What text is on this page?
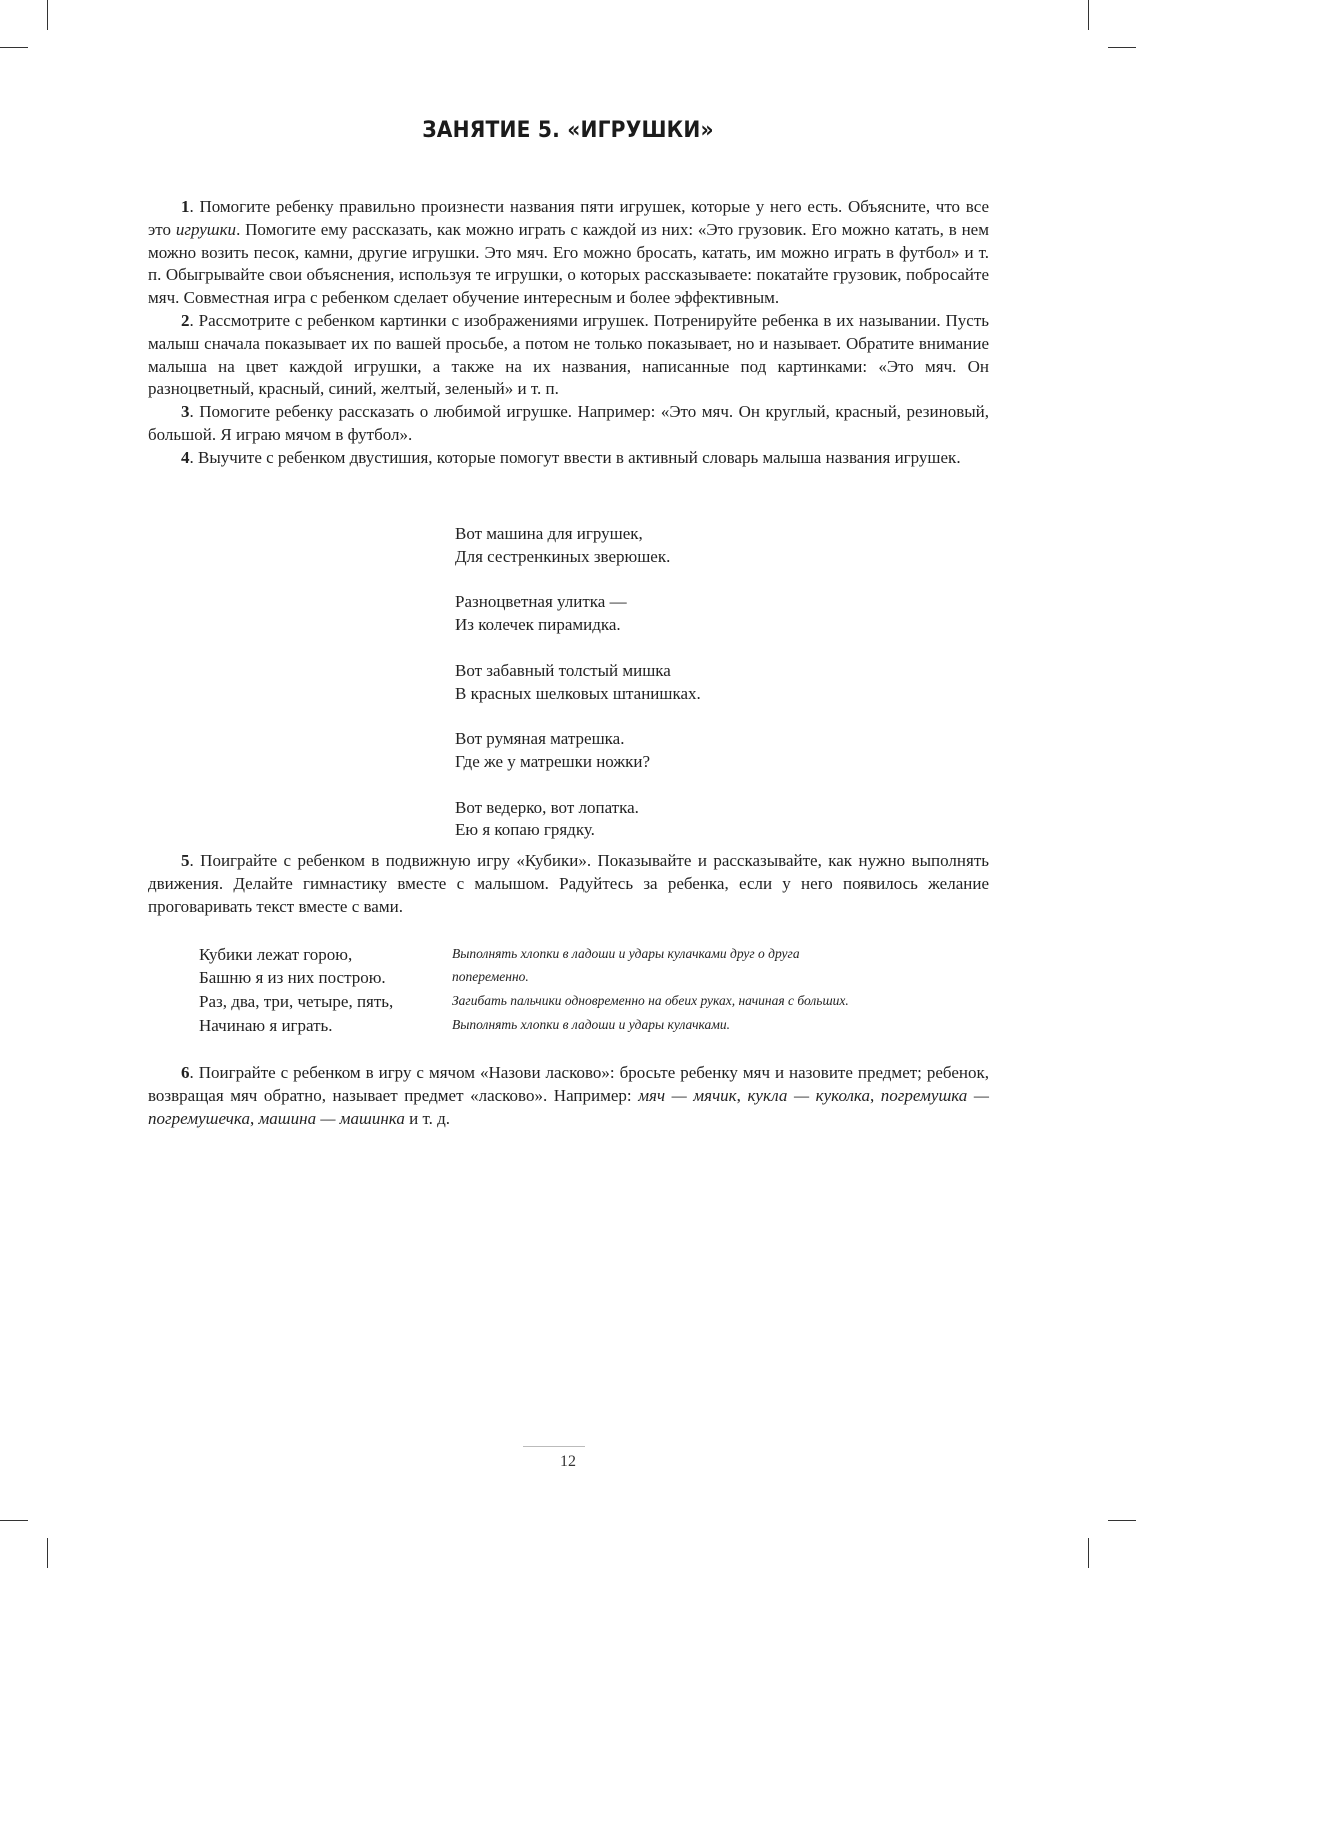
ЗАНЯТИЕ 5. «ИГРУШКИ»

1. Помогите ребенку правильно произнести названия пяти игрушек, которые у него есть. Объясните, что все это игрушки. Помогите ему рассказать, как можно играть с каждой из них: «Это грузовик. Его можно катать, в нем можно возить песок, камни, другие игрушки. Это мяч. Его можно бросать, катать, им можно играть в футбол» и т. п. Обыгрывайте свои объяснения, используя те игрушки, о которых рассказываете: покатайте грузовик, побросайте мяч. Совместная игра с ребенком сделает обучение интересным и более эффективным.

2. Рассмотрите с ребенком картинки с изображениями игрушек. Потренируйте ребенка в их назывании. Пусть малыш сначала показывает их по вашей просьбе, а потом не только показывает, но и называет. Обратите внимание малыша на цвет каждой игрушки, а также на их названия, написанные под картинками: «Это мяч. Он разноцветный, красный, синий, желтый, зеленый» и т. п.

3. Помогите ребенку рассказать о любимой игрушке. Например: «Это мяч. Он круглый, красный, резиновый, большой. Я играю мячом в футбол».

4. Выучите с ребенком двустишия, которые помогут ввести в активный словарь малыша названия игрушек.

Вот машина для игрушек,
Для сестренкиных зверюшек.
Разноцветная улитка —
Из колечек пирамидка.
Вот забавный толстый мишка
В красных шелковых штанишках.
Вот румяная матрешка.
Где же у матрешки ножки?
Вот ведерко, вот лопатка.
Ею я копаю грядку.

5. Поиграйте с ребенком в подвижную игру «Кубики». Показывайте и рассказывайте, как нужно выполнять движения. Делайте гимнастику вместе с малышом. Радуйтесь за ребенка, если у него появилось желание проговаривать текст вместе с вами.

Кубики лежат горою,	Выполнять хлопки в ладоши и удары кулачками друг о друга
Башню я из них построю.	попеременно.
Раз, два, три, четыре, пять,	Загибать пальчики одновременно на обеих руках, начиная с больших.
Начинаю я играть.	Выполнять хлопки в ладоши и удары кулачками.

6. Поиграйте с ребенком в игру с мячом «Назови ласково»: бросьте ребенку мяч и назовите предмет; ребенок, возвращая мяч обратно, называет предмет «ласково». Например: мяч — мячик, кукла — куколка, погремушка — погремушечка, машина — машинка и т. д.

12
